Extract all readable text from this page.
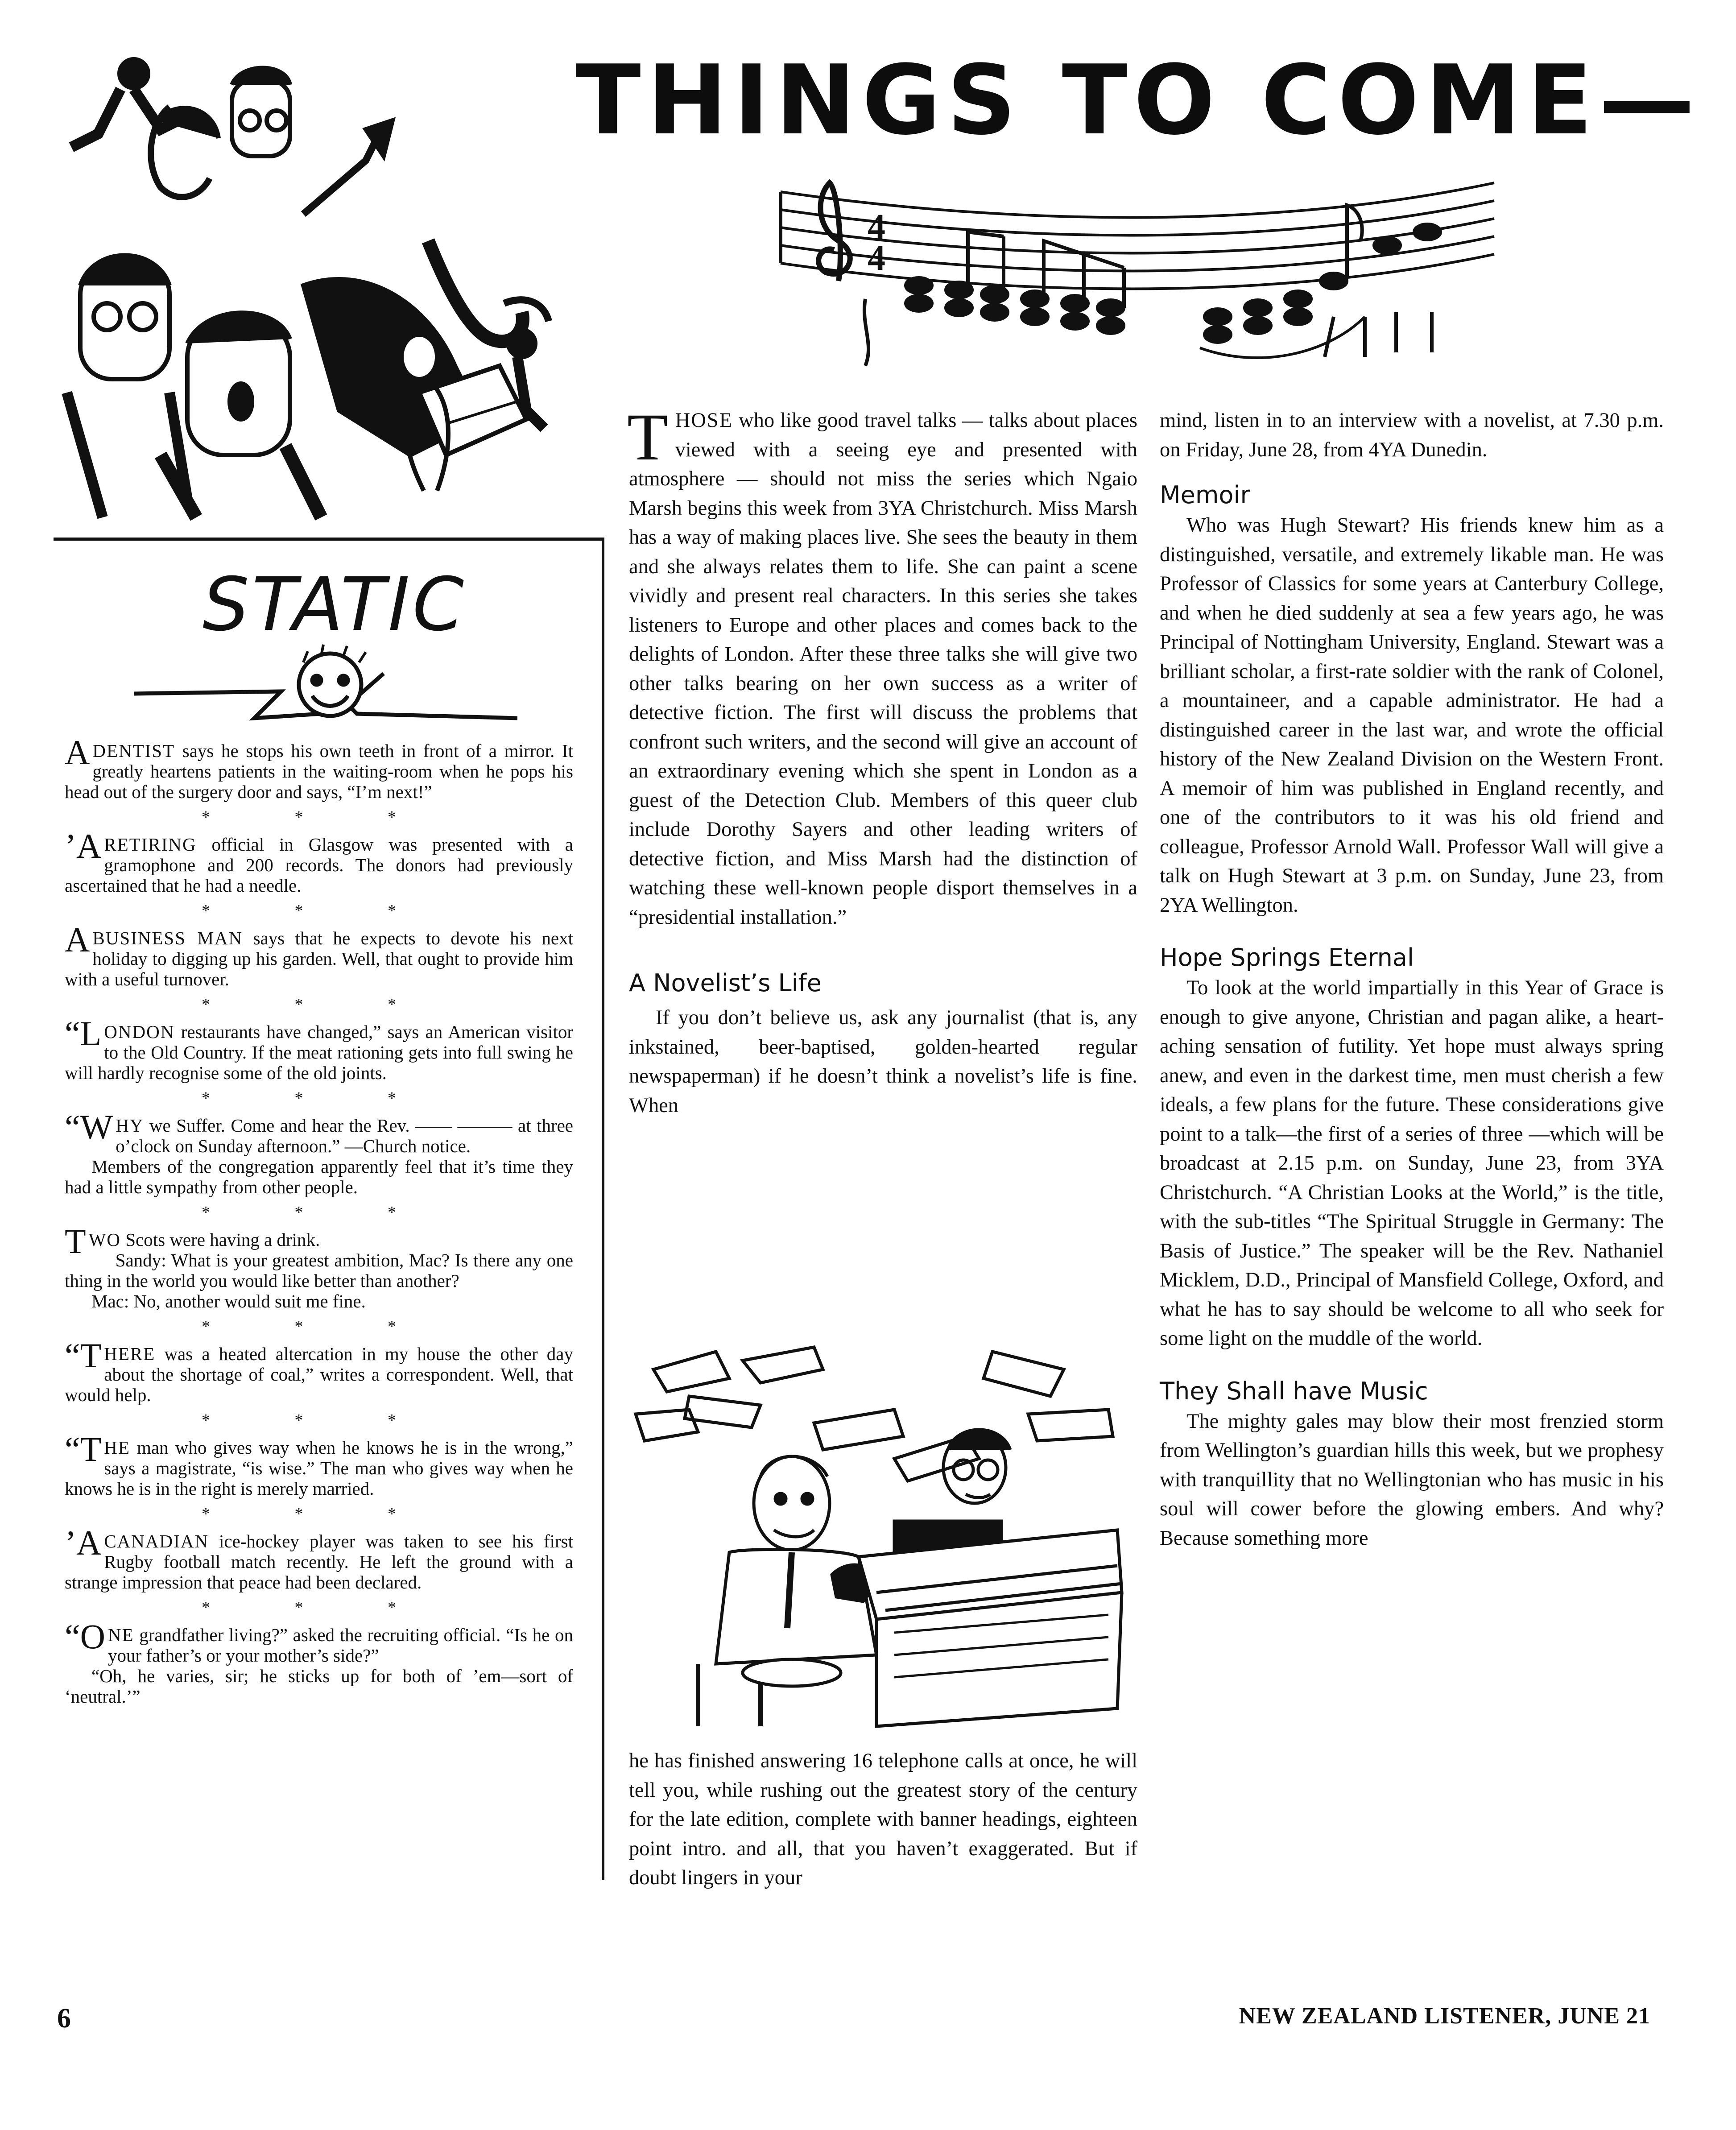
THINGS TO COME—
4
4
STATIC

A DENTIST says he stops his own teeth in front of a mirror. It greatly heartens patients in the waiting-room when he pops his head out of the surgery door and says, “I’m next!”

* * *

’A RETIRING official in Glasgow was presented with a gramophone and 200 records. The donors had previously ascertained that he had a needle.

* * *

A BUSINESS MAN says that he expects to devote his next holiday to digging up his garden. Well, that ought to provide him with a useful turnover.

* * *

“LONDON restaurants have changed,” says an American visitor to the Old Country. If the meat rationing gets into full swing he will hardly recognise some of the old joints.

* * *

“WHY we Suffer. Come and hear the Rev. —— ——— at three o’clock on Sunday afternoon.” —Church notice.

Members of the congregation apparently feel that it’s time they had a little sympathy from other people.

* * *

TWO Scots were having a drink.

Sandy: What is your greatest ambition, Mac? Is there any one thing in the world you would like better than another?

Mac: No, another would suit me fine.

* * *

“THERE was a heated altercation in my house the other day about the shortage of coal,” writes a correspondent. Well, that would help.

* * *

“THE man who gives way when he knows he is in the wrong,” says a magistrate, “is wise.” The man who gives way when he knows he is in the right is merely married.

* * *

’A CANADIAN ice-hockey player was taken to see his first Rugby football match recently. He left the ground with a strange impression that peace had been declared.

* * *

“ONE grandfather living?” asked the recruiting official. “Is he on your father’s or your mother’s side?”

“Oh, he varies, sir; he sticks up for both of ’em—sort of ‘neutral.’”

THOSE who like good travel talks — talks about places viewed with a seeing eye and presented with atmosphere — should not miss the series which Ngaio Marsh begins this week from 3YA Christchurch. Miss Marsh has a way of making places live. She sees the beauty in them and she always relates them to life. She can paint a scene vividly and present real characters. In this series she takes listeners to Europe and other places and comes back to the delights of London. After these three talks she will give two other talks bearing on her own success as a writer of detective fiction. The first will discuss the problems that confront such writers, and the second will give an account of an extraordinary evening which she spent in London as a guest of the Detection Club. Members of this queer club include Dorothy Sayers and other leading writers of detective fiction, and Miss Marsh had the distinction of watching these well-known people disport themselves in a “presidential installation.”

A Novelist’s Life

If you don’t believe us, ask any journalist (that is, any inkstained, beer-baptised, golden-hearted regular newspaperman) if he doesn’t think a novelist’s life is fine. When

he has finished answering 16 telephone calls at once, he will tell you, while rushing out the greatest story of the century for the late edition, complete with banner headings, eighteen point intro. and all, that you haven’t exaggerated. But if doubt lingers in your

mind, listen in to an interview with a novelist, at 7.30 p.m. on Friday, June 28, from 4YA Dunedin.

Memoir

Who was Hugh Stewart? His friends knew him as a distinguished, versatile, and extremely likable man. He was Professor of Classics for some years at Canterbury College, and when he died suddenly at sea a few years ago, he was Principal of Nottingham University, England. Stewart was a brilliant scholar, a first-rate soldier with the rank of Colonel, a mountaineer, and a capable administrator. He had a distinguished career in the last war, and wrote the official history of the New Zealand Division on the Western Front. A memoir of him was published in England recently, and one of the contributors to it was his old friend and colleague, Professor Arnold Wall. Professor Wall will give a talk on Hugh Stewart at 3 p.m. on Sunday, June 23, from 2YA Wellington.

Hope Springs Eternal

To look at the world impartially in this Year of Grace is enough to give anyone, Christian and pagan alike, a heart-aching sensation of futility. Yet hope must always spring anew, and even in the darkest time, men must cherish a few ideals, a few plans for the future. These considerations give point to a talk—the first of a series of three —which will be broadcast at 2.15 p.m. on Sunday, June 23, from 3YA Christchurch. “A Christian Looks at the World,” is the title, with the sub-titles “The Spiritual Struggle in Germany: The Basis of Justice.” The speaker will be the Rev. Nathaniel Micklem, D.D., Principal of Mansfield College, Oxford, and what he has to say should be welcome to all who seek for some light on the muddle of the world.

They Shall have Music

The mighty gales may blow their most frenzied storm from Wellington’s guardian hills this week, but we prophesy with tranquillity that no Wellingtonian who has music in his soul will cower before the glowing embers. And why? Because something more

6	NEW ZEALAND LISTENER, JUNE 21
